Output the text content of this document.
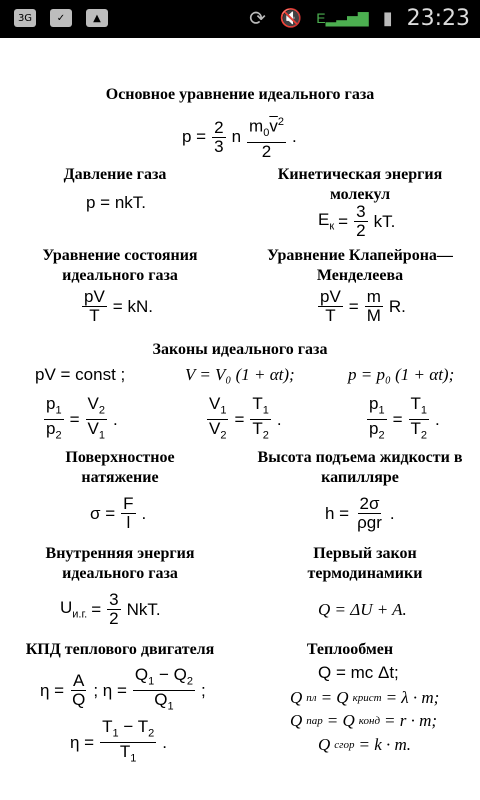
3G	✓	▲	⟳ 🔇 E▂▃▅▇ ▮ 23:23
Основное уравнение идеального газа
$p = \frac{2}{3}$ n $\frac{m_0\overline{v}^2}{2}$ .
Давление газа
p = nkT.
Кинетическая энергия молекул
$E_к = \frac{3}{2}$ kT.
Уравнение состояния идеального газа
$\frac{pV}{T}$ = kN.
Уравнение Клапейрона—Менделеева
$\frac{pV}{T} = \frac{m}{M} R$.
Законы идеального газа
pV = const ;	V = V₀ (1 + αt);	p = p₀ (1 + αt);
$\frac{p_1}{p_2} = \frac{V_2}{V_1}$ .	$\frac{V_1}{V_2} = \frac{T_1}{T_2}$ .	$\frac{p_1}{p_2} = \frac{T_1}{T_2}$ .
Поверхностное натяжение
$\sigma = \frac{F}{l}$ .
Высота подъема жидкости в капилляре
$h = \frac{2\sigma}{\text{ρgr}}$ .
Внутренняя энергия идеального газа
$U_{и.г.} = \frac{3}{2}$ NkT.
Первый закон термодинамики
Q = ΔU + A.
КПД теплового двигателя
$\eta = \frac{A}{Q}$ ; $\eta = \frac{Q_1 - Q_2}{Q_1}$ ;
$\eta = \frac{T_1 - T_2}{T_1}$ .
Теплообмен
Q = mc Δt;
Q пл = Q крист = λ · m;
Q пар = Q конд = r · m;
Q сгор = k · m.
